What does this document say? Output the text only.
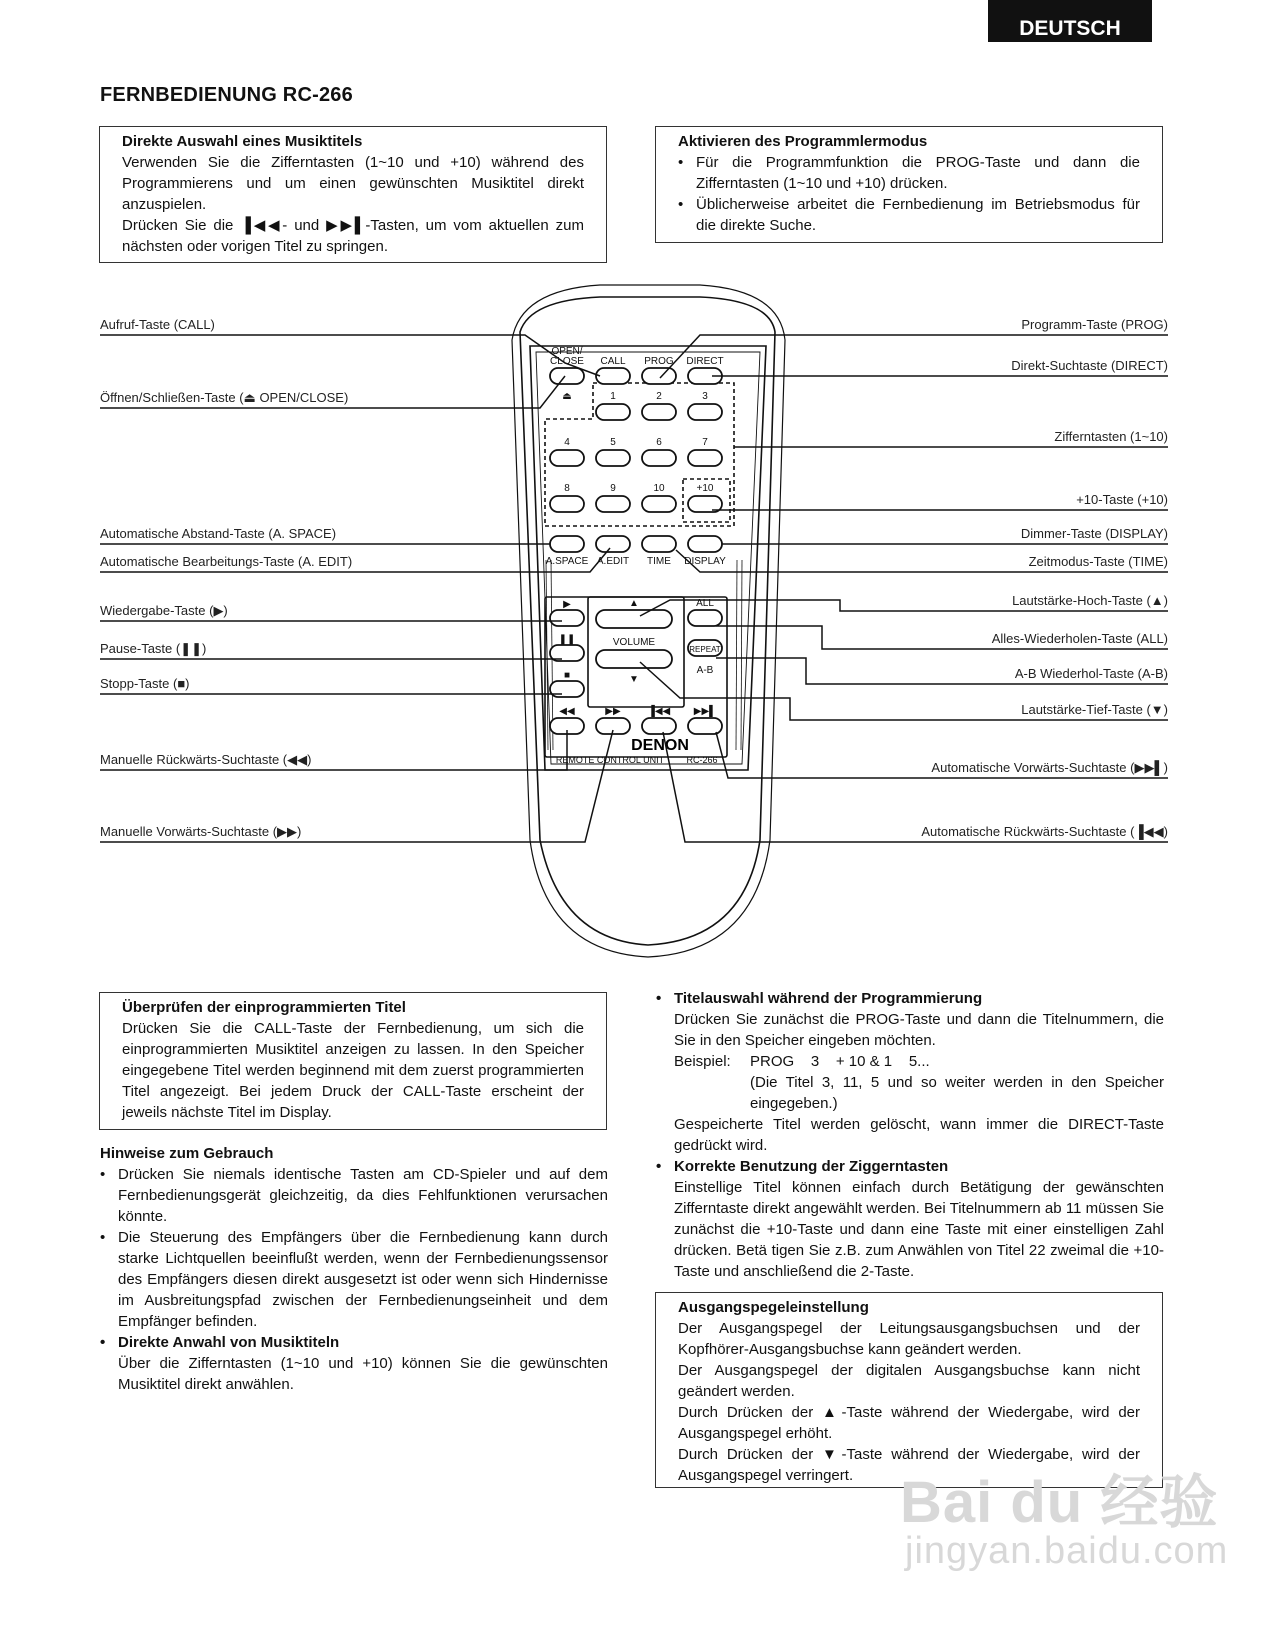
DEUTSCH
FERNBEDIENUNG RC-266
Direkte Auswahl eines Musiktitels

Verwenden Sie die Zifferntasten (1~10 und +10) während des Programmierens und um einen gewünschten Musiktitel direkt anzuspielen.

Drücken Sie die ▐◀◀- und ▶▶▌-Tasten, um vom aktuellen zum nächsten oder vorigen Titel zu springen.

Aktivieren des Programmlermodus
• Für die Programmfunktion die PROG-Taste und dann die Zifferntasten (1~10 und +10) drücken.
• Üblicherweise arbeitet die Fernbedienung im Betriebsmodus für die direkte Suche.
OPEN/
CLOSE CALL PROG DIRECT
⏏	1	2	3
4	5	6	7
8	9	10	+10
A.SPACE A.EDIT TIME DISPLAY
▶
❚❚
■
▲
VOLUME
▼
ALL
REPEAT
A-B
◀◀	▶▶	▐◀◀ ▶▶▌
DENON
REMOTE CONTROL UNIT RC-266
Aufruf-Taste (CALL)
Öffnen/Schließen-Taste (⏏ OPEN/CLOSE)
Automatische Abstand-Taste (A. SPACE)
Automatische Bearbeitungs-Taste (A. EDIT)
Wiedergabe-Taste (▶)
Pause-Taste (❚❚)
Stopp-Taste (■)
Manuelle Rückwärts-Suchtaste (◀◀)
Manuelle Vorwärts-Suchtaste (▶▶)
Programm-Taste (PROG)
Direkt-Suchtaste (DIRECT)
Zifferntasten (1~10)
+10-Taste (+10)
Dimmer-Taste (DISPLAY)
Zeitmodus-Taste (TIME)
Lautstärke-Hoch-Taste (▲)
Alles-Wiederholen-Taste (ALL)
A-B Wiederhol-Taste (A-B)
Lautstärke-Tief-Taste (▼)
Automatische Vorwärts-Suchtaste (▶▶▌)
Automatische Rückwärts-Suchtaste (▐◀◀)
Überprüfen der einprogrammierten Titel

Drücken Sie die CALL-Taste der Fernbedienung, um sich die einprogrammierten Musiktitel anzeigen zu lassen. In den Speicher eingegebene Titel werden beginnend mit dem zuerst programmierten Titel angezeigt. Bei jedem Druck der CALL-Taste erscheint der jeweils nächste Titel im Display.

Hinweise zum Gebrauch
• Drücken Sie niemals identische Tasten am CD-Spieler und auf dem Fernbedienungsgerät gleichzeitig, da dies Fehlfunktionen verursachen könnte.
• Die Steuerung des Empfängers über die Fernbedienung kann durch starke Lichtquellen beeinflußt werden, wenn der Fernbedienungssensor des Empfängers diesen direkt ausgesetzt ist oder wenn sich Hindernisse im Ausbreitungspfad zwischen der Fernbedienungseinheit und dem Empfänger befinden.
• Direkte Anwahl von Musiktiteln
Über die Zifferntasten (1~10 und +10) können Sie die gewünschten Musiktitel direkt anwählen.
• Titelauswahl während der Programmierung
Drücken Sie zunächst die PROG-Taste und dann die Titelnummern, die Sie in den Speicher eingeben möchten.
Beispiel:	PROG    3    + 10 & 1    5...
(Die Titel 3, 11, 5 und so weiter werden in den Speicher eingegeben.)
Gespeicherte Titel werden gelöscht, wann immer die DIRECT-Taste gedrückt wird.
• Korrekte Benutzung der Ziggerntasten
Einstellige Titel können einfach durch Betätigung der gewänschten Zifferntaste direkt angewählt werden. Bei Titelnummern ab 11 müssen Sie zunächst die +10-Taste und dann eine Taste mit einer einstelligen Zahl drücken. Betä tigen Sie z.B. zum Anwählen von Titel 22 zweimal die +10-Taste und anschließend die 2-Taste.
Ausgangspegeleinstellung

Der Ausgangspegel der Leitungsausgangsbuchsen und der Kopfhörer-Ausgangsbuchse kann geändert werden.

Der Ausgangspegel der digitalen Ausgangsbuchse kann nicht geändert werden.

Durch Drücken der ▲-Taste während der Wiedergabe, wird der Ausgangspegel erhöht.

Durch Drücken der ▼-Taste während der Wiedergabe, wird der Ausgangspegel verringert. Bai du 经验
jingyan.baidu.com
